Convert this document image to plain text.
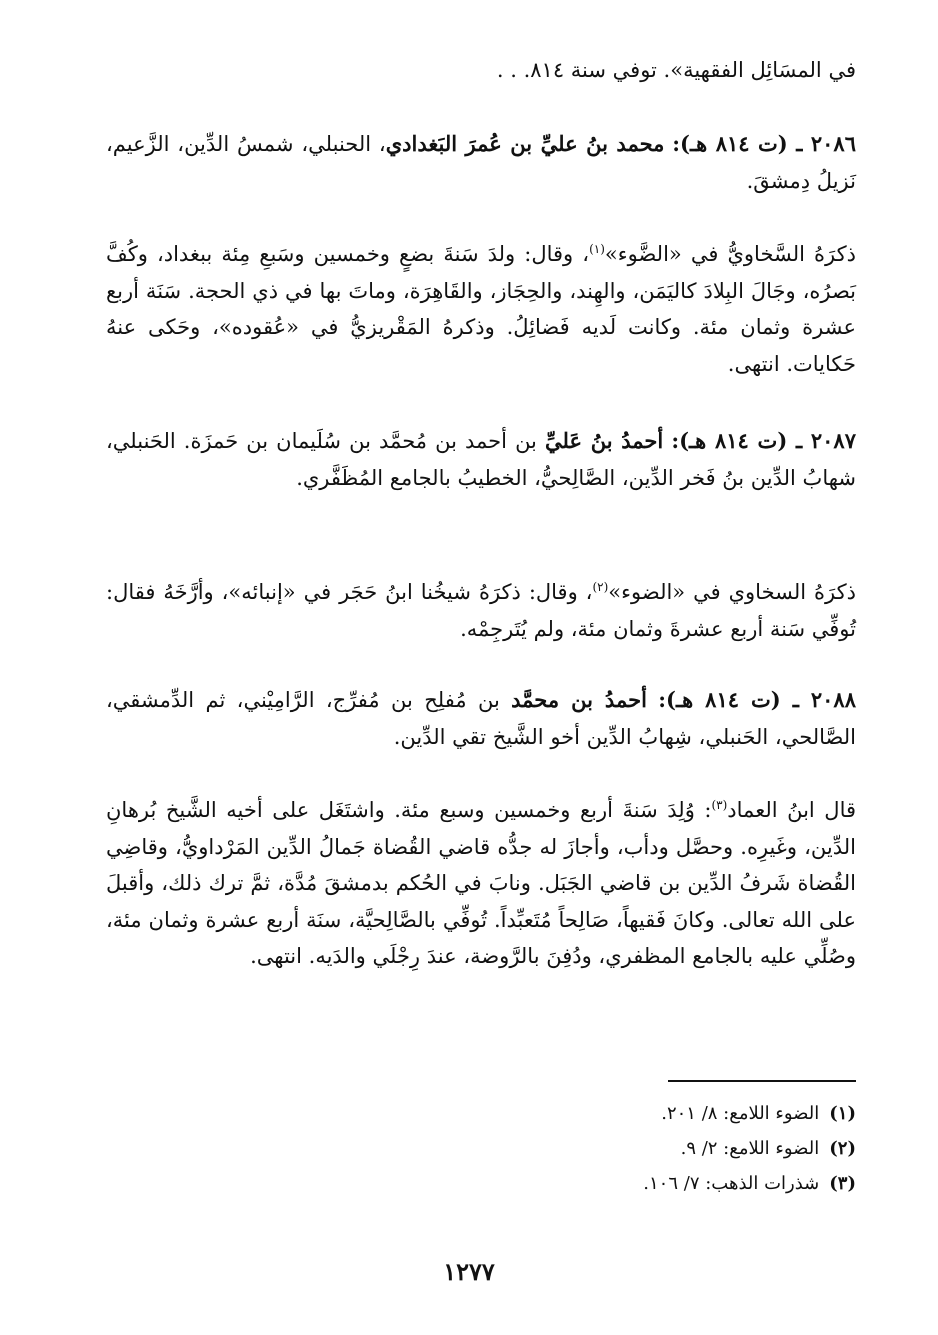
في المسَائِل الفقهية». توفي سنة ٨١٤. . .
٢٠٨٦ ـ (ت ٨١٤ هـ): محمد بنُ عليِّ بن عُمرَ البَغدادي، الحنبلي، شمسُ الدِّين، الزَّعيم، نَزيلُ دِمشقَ.
ذكرَهُ السَّخاويُّ في «الضَّوء»$^{(١)}$، وقال: ولدَ سَنةَ بضعٍ وخمسين وسَبعِ مِئة ببغداد، وكُفَّ بَصرُه، وجَالَ البِلادَ كاليَمَن، والهِند، والحِجَاز، والقَاهِرَة، وماتَ بها في ذي الحجة. سَنَة أربع عشرة وثمان مئة. وكانت لَديه فَضائِلُ. وذكرهُ المَقْريزيُّ في «عُقوده»، وحَكى عنهُ حَكايات. انتهى.
٢٠٨٧ ـ (ت ٨١٤ هـ): أحمدُ بنُ عَليِّ بن أحمد بن مُحمَّد بن سُلَيمان بن حَمزَة. الحَنبلي، شهابُ الدِّين بنُ فَخر الدِّين، الصَّالِحيُّ، الخطيبُ بالجامع المُظَفَّري.
ذكرَهُ السخاوي في «الضوء»$^{(٢)}$، وقال: ذكرَهُ شيخُنا ابنُ حَجَر في «إنبائه»، وأرَّخَهُ فقال: تُوفِّي سَنة أربع عشرةَ وثمان مئة، ولم يُتَرجِمْه.
٢٠٨٨ ـ (ت ٨١٤ هـ): أحمدُ بن محمَّد بن مُفلِح بن مُفرِّج، الرَّامِيْني، ثم الدِّمشقي، الصَّالحي، الحَنبلي، شِهابُ الدِّين أخو الشَّيخ تقي الدِّين.
قال ابنُ العماد$^{(٣)}$: وُلِدَ سَنةَ أربع وخمسين وسبع مئة. واشتَغَل على أخيه الشَّيخ بُرهانِ الدِّين، وغَيرِه. وحصَّل ودأب، وأجازَ له جدُّه قاضي القُضاة جَمالُ الدِّين المَرْداويُّ، وقاضِي القُضاة شَرفُ الدِّين بن قاضي الجَبَل. ونابَ في الحُكم بدمشقَ مُدَّة، ثمَّ ترك ذلك، وأقبلَ على الله تعالى. وكانَ فَقيهاً، صَالِحاً مُتَعبِّداً. تُوفِّي بالصَّالِحيَّة، سنَة أربع عشرة وثمان مئة، وصُلِّي عليه بالجامع المظفري، ودُفِنَ بالرَّوضة، عندَ رِجْلَي والدَيه. انتهى.
(١)الضوء اللامع: ٨/ ٢٠١.
(٢)الضوء اللامع: ٢/ ٩.
(٣)شذرات الذهب: ٧/ ١٠٦.
١٢٧٧
